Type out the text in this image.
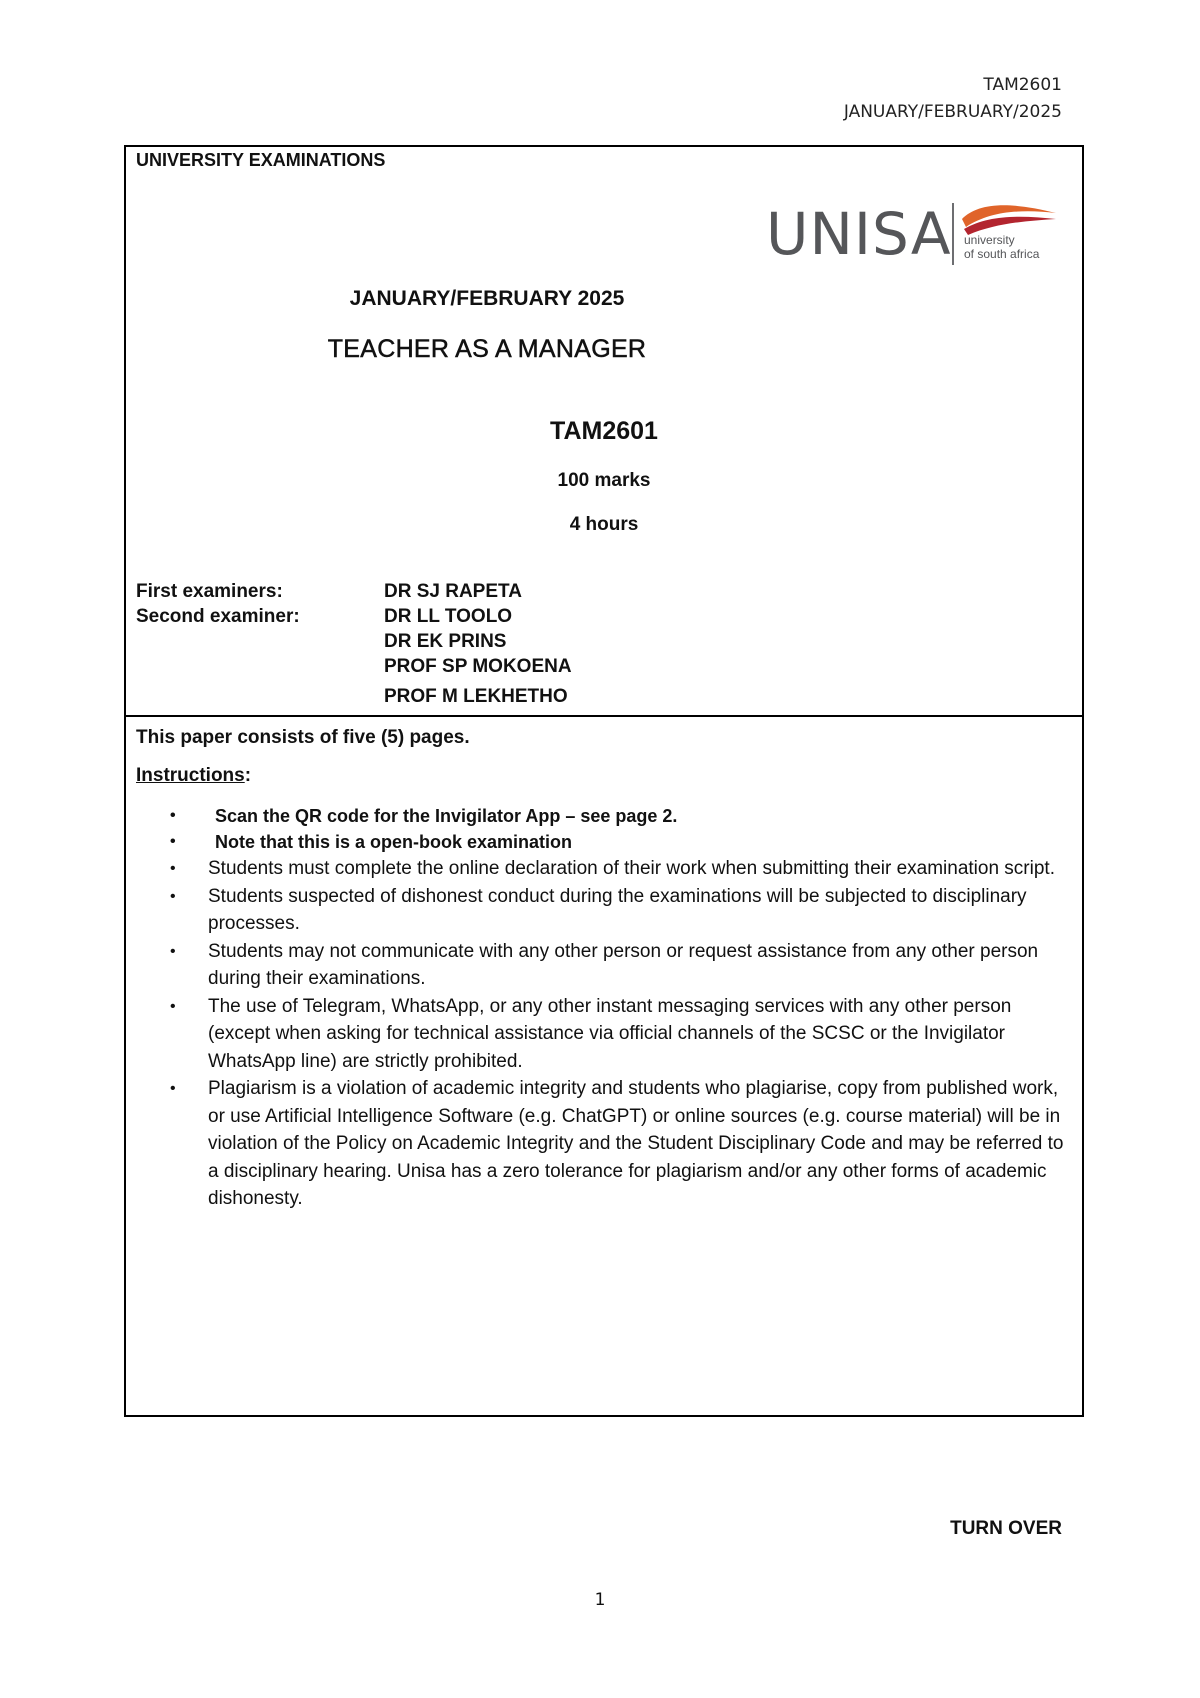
TAM2601
JANUARY/FEBRUARY/2025
UNIVERSITY EXAMINATIONS
UNISA university
of south africa
JANUARY/FEBRUARY 2025
TEACHER AS A MANAGER
TAM2601
100 marks
4 hours
First examiners:
Second examiner:
DR SJ RAPETA
DR LL TOOLO
DR EK PRINS
PROF SP MOKOENA
PROF M LEKHETHO

This paper consists of five (5) pages.

Instructions:

• Scan the QR code for the Invigilator App – see page 2.
• Note that this is a open-book examination
• Students must complete the online declaration of their work when submitting their examination script.
• Students suspected of dishonest conduct during the examinations will be subjected to disciplinary processes.
• Students may not communicate with any other person or request assistance from any other person during their examinations.
• The use of Telegram, WhatsApp, or any other instant messaging services with any other person (except when asking for technical assistance via official channels of the SCSC or the Invigilator WhatsApp line) are strictly prohibited.
• Plagiarism is a violation of academic integrity and students who plagiarise, copy from published work, or use Artificial Intelligence Software (e.g. ChatGPT) or online sources (e.g. course material) will be in violation of the Policy on Academic Integrity and the Student Disciplinary Code and may be referred to a disciplinary hearing. Unisa has a zero tolerance for plagiarism and/or any other forms of academic dishonesty.
TURN OVER
1
